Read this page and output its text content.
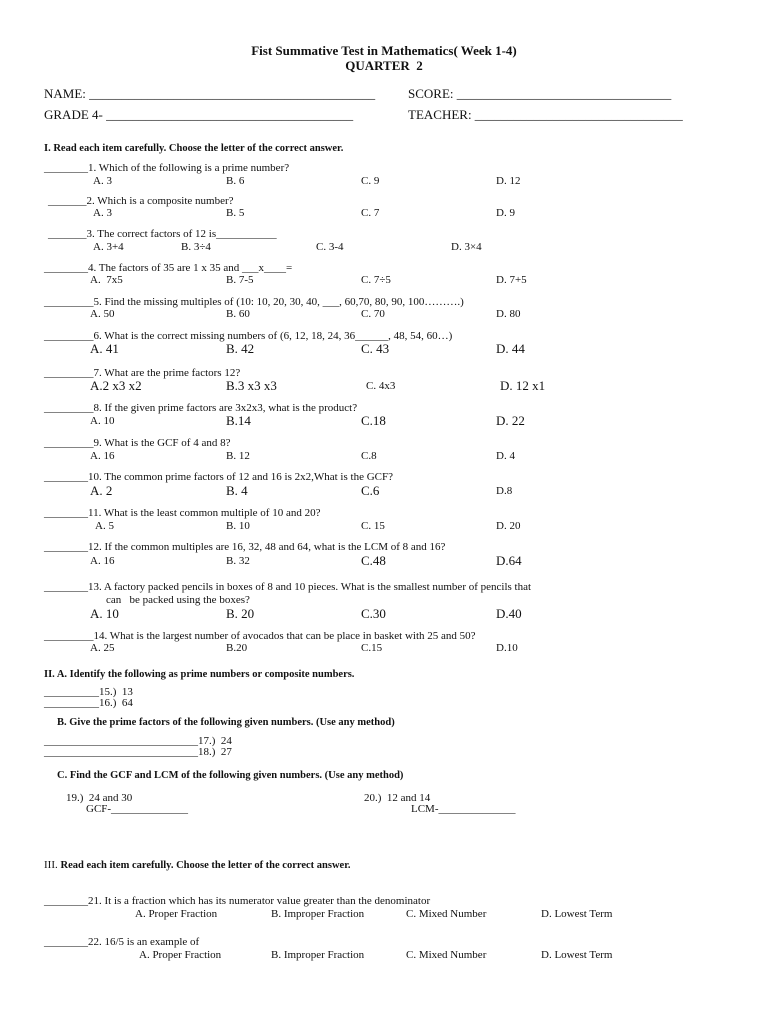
Fist Summative Test in Mathematics( Week 1-4)
QUARTER  2
NAME: ____________________________________________	SCORE: _________________________________
GRADE 4- ______________________________________	TEACHER: ________________________________
I. Read each item carefully. Choose the letter of the correct answer.
________1. Which of the following is a prime number?
A. 3	B. 6	C. 9	D. 12
_______2. Which is a composite number?
A. 3	B. 5	C. 7	D. 9
_______3. The correct factors of 12 is___________
A. 3+4	B. 3÷4	C. 3-4	D. 3×4
________4. The factors of 35 are 1 x 35 and ___x____=
A.  7x5	B. 7-5	C. 7÷5	D. 7+5
_________5. Find the missing multiples of (10: 10, 20, 30, 40, ___, 60,70, 80, 90, 100……….)
A. 50	B. 60	C. 70	D. 80
_________6. What is the correct missing numbers of (6, 12, 18, 24, 36______, 48, 54, 60…)
A. 41	B. 42	C. 43	D. 44
_________7. What are the prime factors 12?
A.2 x3 x2	B.3 x3 x3	C. 4x3	D. 12 x1
_________8. If the given prime factors are 3x2x3, what is the product?
A. 10	B.14	C.18	D. 22
_________9. What is the GCF of 4 and 8?
A. 16	B. 12	C.8	D. 4
________10. The common prime factors of 12 and 16 is 2x2,What is the GCF?
A. 2	B. 4	C.6	D.8
________11. What is the least common multiple of 10 and 20?
A. 5	B. 10	C. 15	D. 20
________12. If the common multiples are 16, 32, 48 and 64, what is the LCM of 8 and 16?
A. 16	B. 32	C.48	D.64
________13. A factory packed pencils in boxes of 8 and 10 pieces. What is the smallest number of pencils that
can   be packed using the boxes?
A. 10	B. 20	C.30	D.40
_________14. What is the largest number of avocados that can be place in basket with 25 and 50?
A. 25	B.20	C.15	D.10
II. A. Identify the following as prime numbers or composite numbers.
__________15.)  13
__________16.)  64
B. Give the prime factors of the following given numbers. (Use any method)
____________________________17.)  24
____________________________18.)  27
C. Find the GCF and LCM of the following given numbers. (Use any method)
19.)  24 and 30
GCF-______________
20.)  12 and 14
LCM-______________
III. Read each item carefully. Choose the letter of the correct answer.
________21. It is a fraction which has its numerator value greater than the denominator
A. Proper Fraction	B. Improper Fraction	C. Mixed Number	D. Lowest Term
________22. 16/5 is an example of
A. Proper Fraction	B. Improper Fraction	C. Mixed Number	D. Lowest Term
